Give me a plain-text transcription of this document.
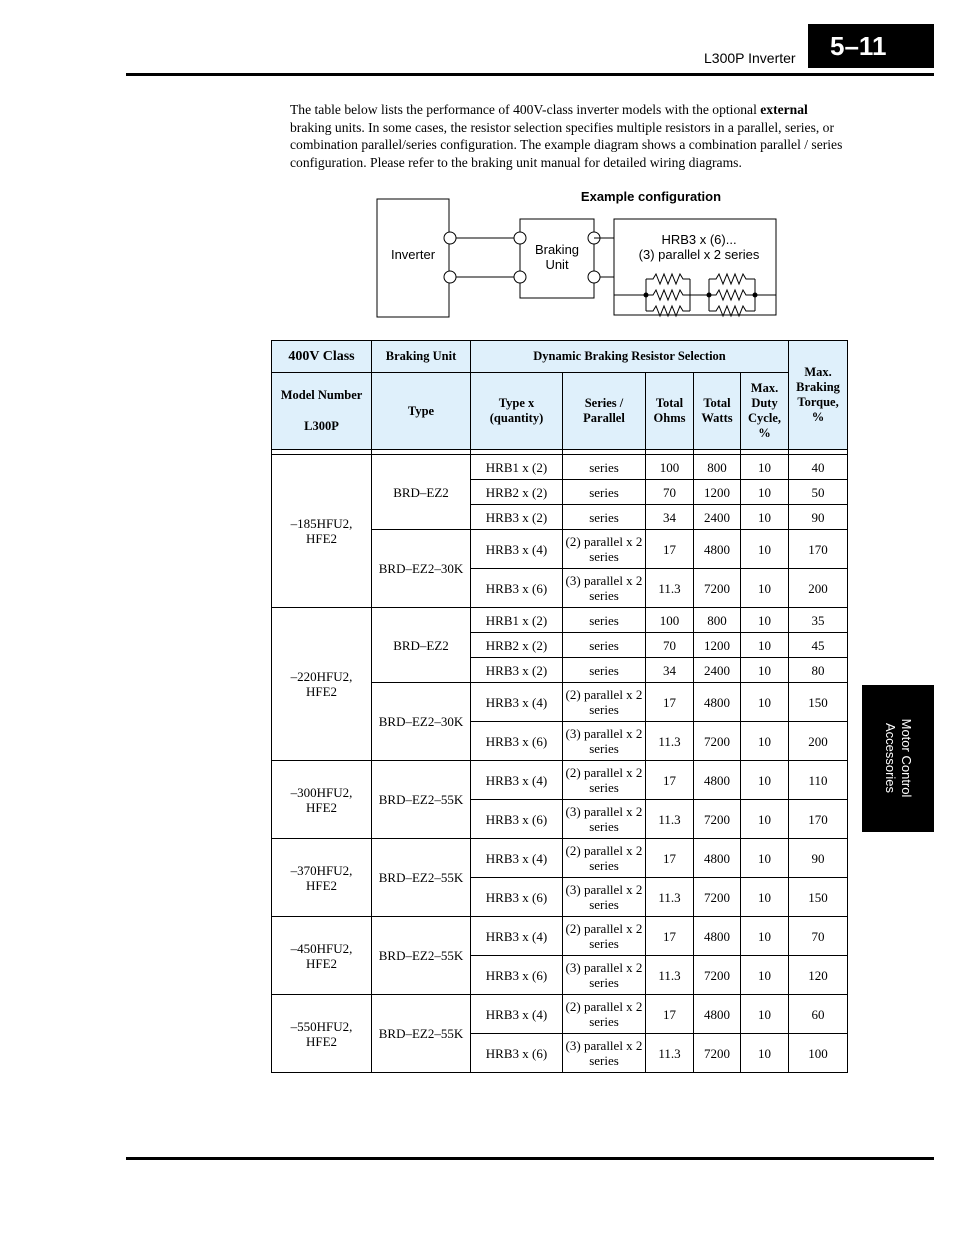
L300P Inverter	5–11
Motor Control
Accessories
The table below lists the performance of 400V-class inverter models with the optional external braking units. In some cases, the resistor selection specifies multiple resistors in a parallel, series, or combination parallel/series configuration. The example diagram shows a combination parallel / series configuration. Please refer to the braking unit manual for detailed wiring diagrams.
Example configuration
Inverter	Braking
Unit
HRB3 x (6)...
(3) parallel x 2 series
400V Class	Braking Unit	Dynamic Braking Resistor Selection					Max. Braking Torque, %

Model Number
L300P	Type	Type x (quantity)	Series / Parallel	Total Ohms	Total Watts	Max. Duty Cycle, %	

–185HFU2, HFE2	BRD–EZ2	HRB1 x (2)	series	100	800	10	40
		HRB2 x (2)	series	70	1200	10	50
		HRB3 x (2)	series	34	2400	10	90
	BRD–EZ2–30K	HRB3 x (4)	(2) parallel x 2 series	17	4800	10	170
		HRB3 x (6)	(3) parallel x 2 series	11.3	7200	10	200
–220HFU2, HFE2	BRD–EZ2	HRB1 x (2)	series	100	800	10	35
		HRB2 x (2)	series	70	1200	10	45
		HRB3 x (2)	series	34	2400	10	80
	BRD–EZ2–30K	HRB3 x (4)	(2) parallel x 2 series	17	4800	10	150
		HRB3 x (6)	(3) parallel x 2 series	11.3	7200	10	200
–300HFU2, HFE2	BRD–EZ2–55K	HRB3 x (4)	(2) parallel x 2 series	17	4800	10	110
		HRB3 x (6)	(3) parallel x 2 series	11.3	7200	10	170
–370HFU2, HFE2	BRD–EZ2–55K	HRB3 x (4)	(2) parallel x 2 series	17	4800	10	90
		HRB3 x (6)	(3) parallel x 2 series	11.3	7200	10	150
–450HFU2, HFE2	BRD–EZ2–55K	HRB3 x (4)	(2) parallel x 2 series	17	4800	10	70
		HRB3 x (6)	(3) parallel x 2 series	11.3	7200	10	120
–550HFU2, HFE2	BRD–EZ2–55K	HRB3 x (4)	(2) parallel x 2 series	17	4800	10	60
		HRB3 x (6)	(3) parallel x 2 series	11.3	7200	10	100
